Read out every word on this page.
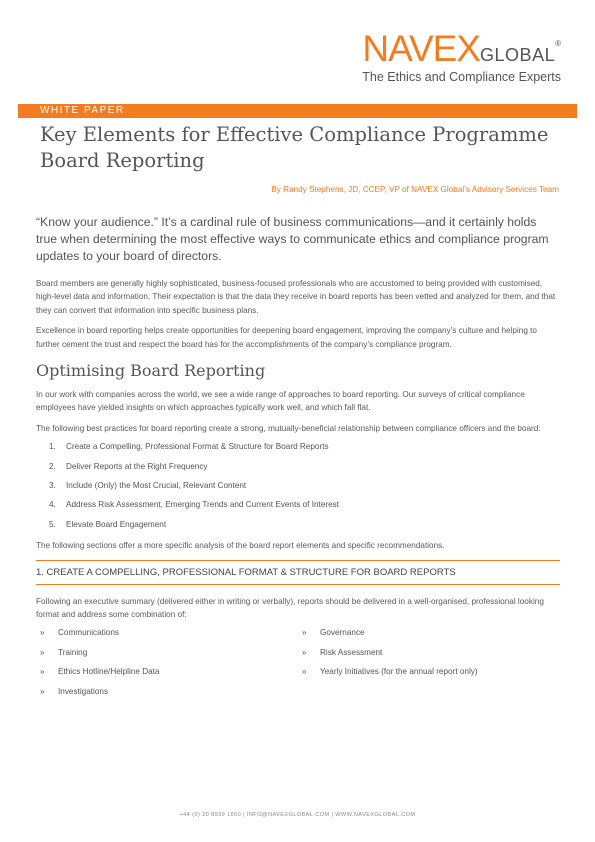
NAVEXGLOBAL®
The Ethics and Compliance Experts
WHITE PAPER
Key Elements for Effective Compliance Programme Board Reporting
By Randy Stephens, JD, CCEP, VP of NAVEX Global’s Advisory Services Team

“Know your audience.” It’s a cardinal rule of business communications—and it certainly holds true when determining the most effective ways to communicate ethics and compliance program updates to your board of directors.

Board members are generally highly sophisticated, business-focused professionals who are accustomed to being provided with customised, high-level data and information. Their expectation is that the data they receive in board reports has been vetted and analyzed for them, and that they can convert that information into specific business plans.

Excellence in board reporting helps create opportunities for deepening board engagement, improving the company’s culture and helping to further cement the trust and respect the board has for the accomplishments of the company’s compliance program.

Optimising Board Reporting

In our work with companies across the world, we see a wide range of approaches to board reporting. Our surveys of critical compliance employees have yielded insights on which approaches typically work well, and which fall flat.

The following best practices for board reporting create a strong, mutually-beneficial relationship between compliance officers and the board:

1.	Create a Compelling, Professional Format & Structure for Board Reports
2.	Deliver Reports at the Right Frequency
3.	Include (Only) the Most Crucial, Relevant Content
4.	Address Risk Assessment, Emerging Trends and Current Events of Interest
5.	Elevate Board Engagement

The following sections offer a more specific analysis of the board report elements and specific recommendations.

1. CREATE A COMPELLING, PROFESSIONAL FORMAT & STRUCTURE FOR BOARD REPORTS

Following an executive summary (delivered either in writing or verbally), reports should be delivered in a well-organised, professional looking format and address some combination of:

»	Communications
»	Training
»	Ethics Hotline/Helpline Data
»	Investigations
»	Governance
»	Risk Assessment
»	Yearly Initiatives (for the annual report only)
+44 (0) 20 8939 1650 | INFO@NAVEXGLOBAL.COM | WWW.NAVEXGLOBAL.COM
